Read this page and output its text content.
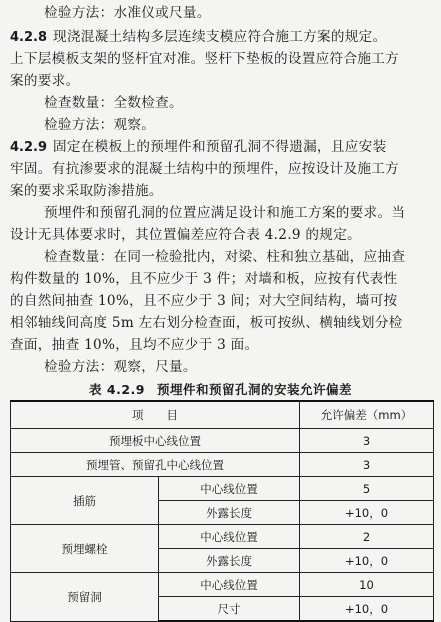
检验方法：水准仪或尺量。
4.2.8 现浇混凝土结构多层连续支模应符合施工方案的规定。
上下层模板支架的竖杆宜对准。竖杆下垫板的设置应符合施工方
案的要求。
检查数量：全数检查。
检验方法：观察。
4.2.9 固定在模板上的预埋件和预留孔洞不得遗漏，且应安装
牢固。有抗渗要求的混凝土结构中的预埋件，应按设计及施工方
案的要求采取防渗措施。
预埋件和预留孔洞的位置应满足设计和施工方案的要求。当
设计无具体要求时，其位置偏差应符合表 4.2.9 的规定。
检查数量：在同一检验批内，对梁、柱和独立基础，应抽查
构件数量的 10%，且不应少于 3 件；对墙和板，应按有代表性
的自然间抽查 10%，且不应少于 3 间；对大空间结构，墙可按
相邻轴线间高度 5m 左右划分检查面，板可按纵、横轴线划分检
查面，抽查 10%，且均不应少于 3 面。
检验方法：观察，尺量。
表 4.2.9 预埋件和预留孔洞的安装允许偏差
项　　目		允许偏差（mm）
预埋板中心线位置		3
预埋管、预留孔中心线位置		3
插筋	中心线位置	5
	外露长度	+10，0
预埋螺栓	中心线位置	2
	外露长度	+10，0
预留洞	中心线位置	10
	尺寸	+10，0
